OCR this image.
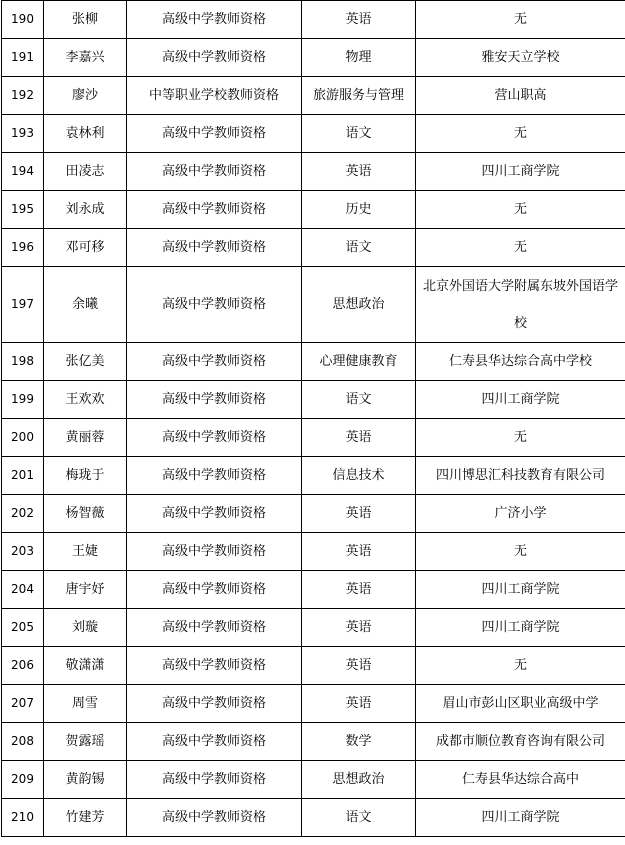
190	张柳	高级中学教师资格	英语	无
191	李嘉兴	高级中学教师资格	物理	雅安天立学校
192	廖沙	中等职业学校教师资格	旅游服务与管理	营山职高
193	袁林利	高级中学教师资格	语文	无
194	田凌志	高级中学教师资格	英语	四川工商学院
195	刘永成	高级中学教师资格	历史	无
196	邓可移	高级中学教师资格	语文	无
197	余曦	高级中学教师资格	思想政治	北京外国语大学附属东坡外国语学校
198	张亿美	高级中学教师资格	心理健康教育	仁寿县华达综合高中学校
199	王欢欢	高级中学教师资格	语文	四川工商学院
200	黄丽蓉	高级中学教师资格	英语	无
201	梅珑于	高级中学教师资格	信息技术	四川博思汇科技教育有限公司
202	杨智薇	高级中学教师资格	英语	广济小学
203	王婕	高级中学教师资格	英语	无
204	唐宇妤	高级中学教师资格	英语	四川工商学院
205	刘璇	高级中学教师资格	英语	四川工商学院
206	敬潇潇	高级中学教师资格	英语	无
207	周雪	高级中学教师资格	英语	眉山市彭山区职业高级中学
208	贺露瑶	高级中学教师资格	数学	成都市顺位教育咨询有限公司
209	黄韵锡	高级中学教师资格	思想政治	仁寿县华达综合高中
210	竹建芳	高级中学教师资格	语文	四川工商学院
